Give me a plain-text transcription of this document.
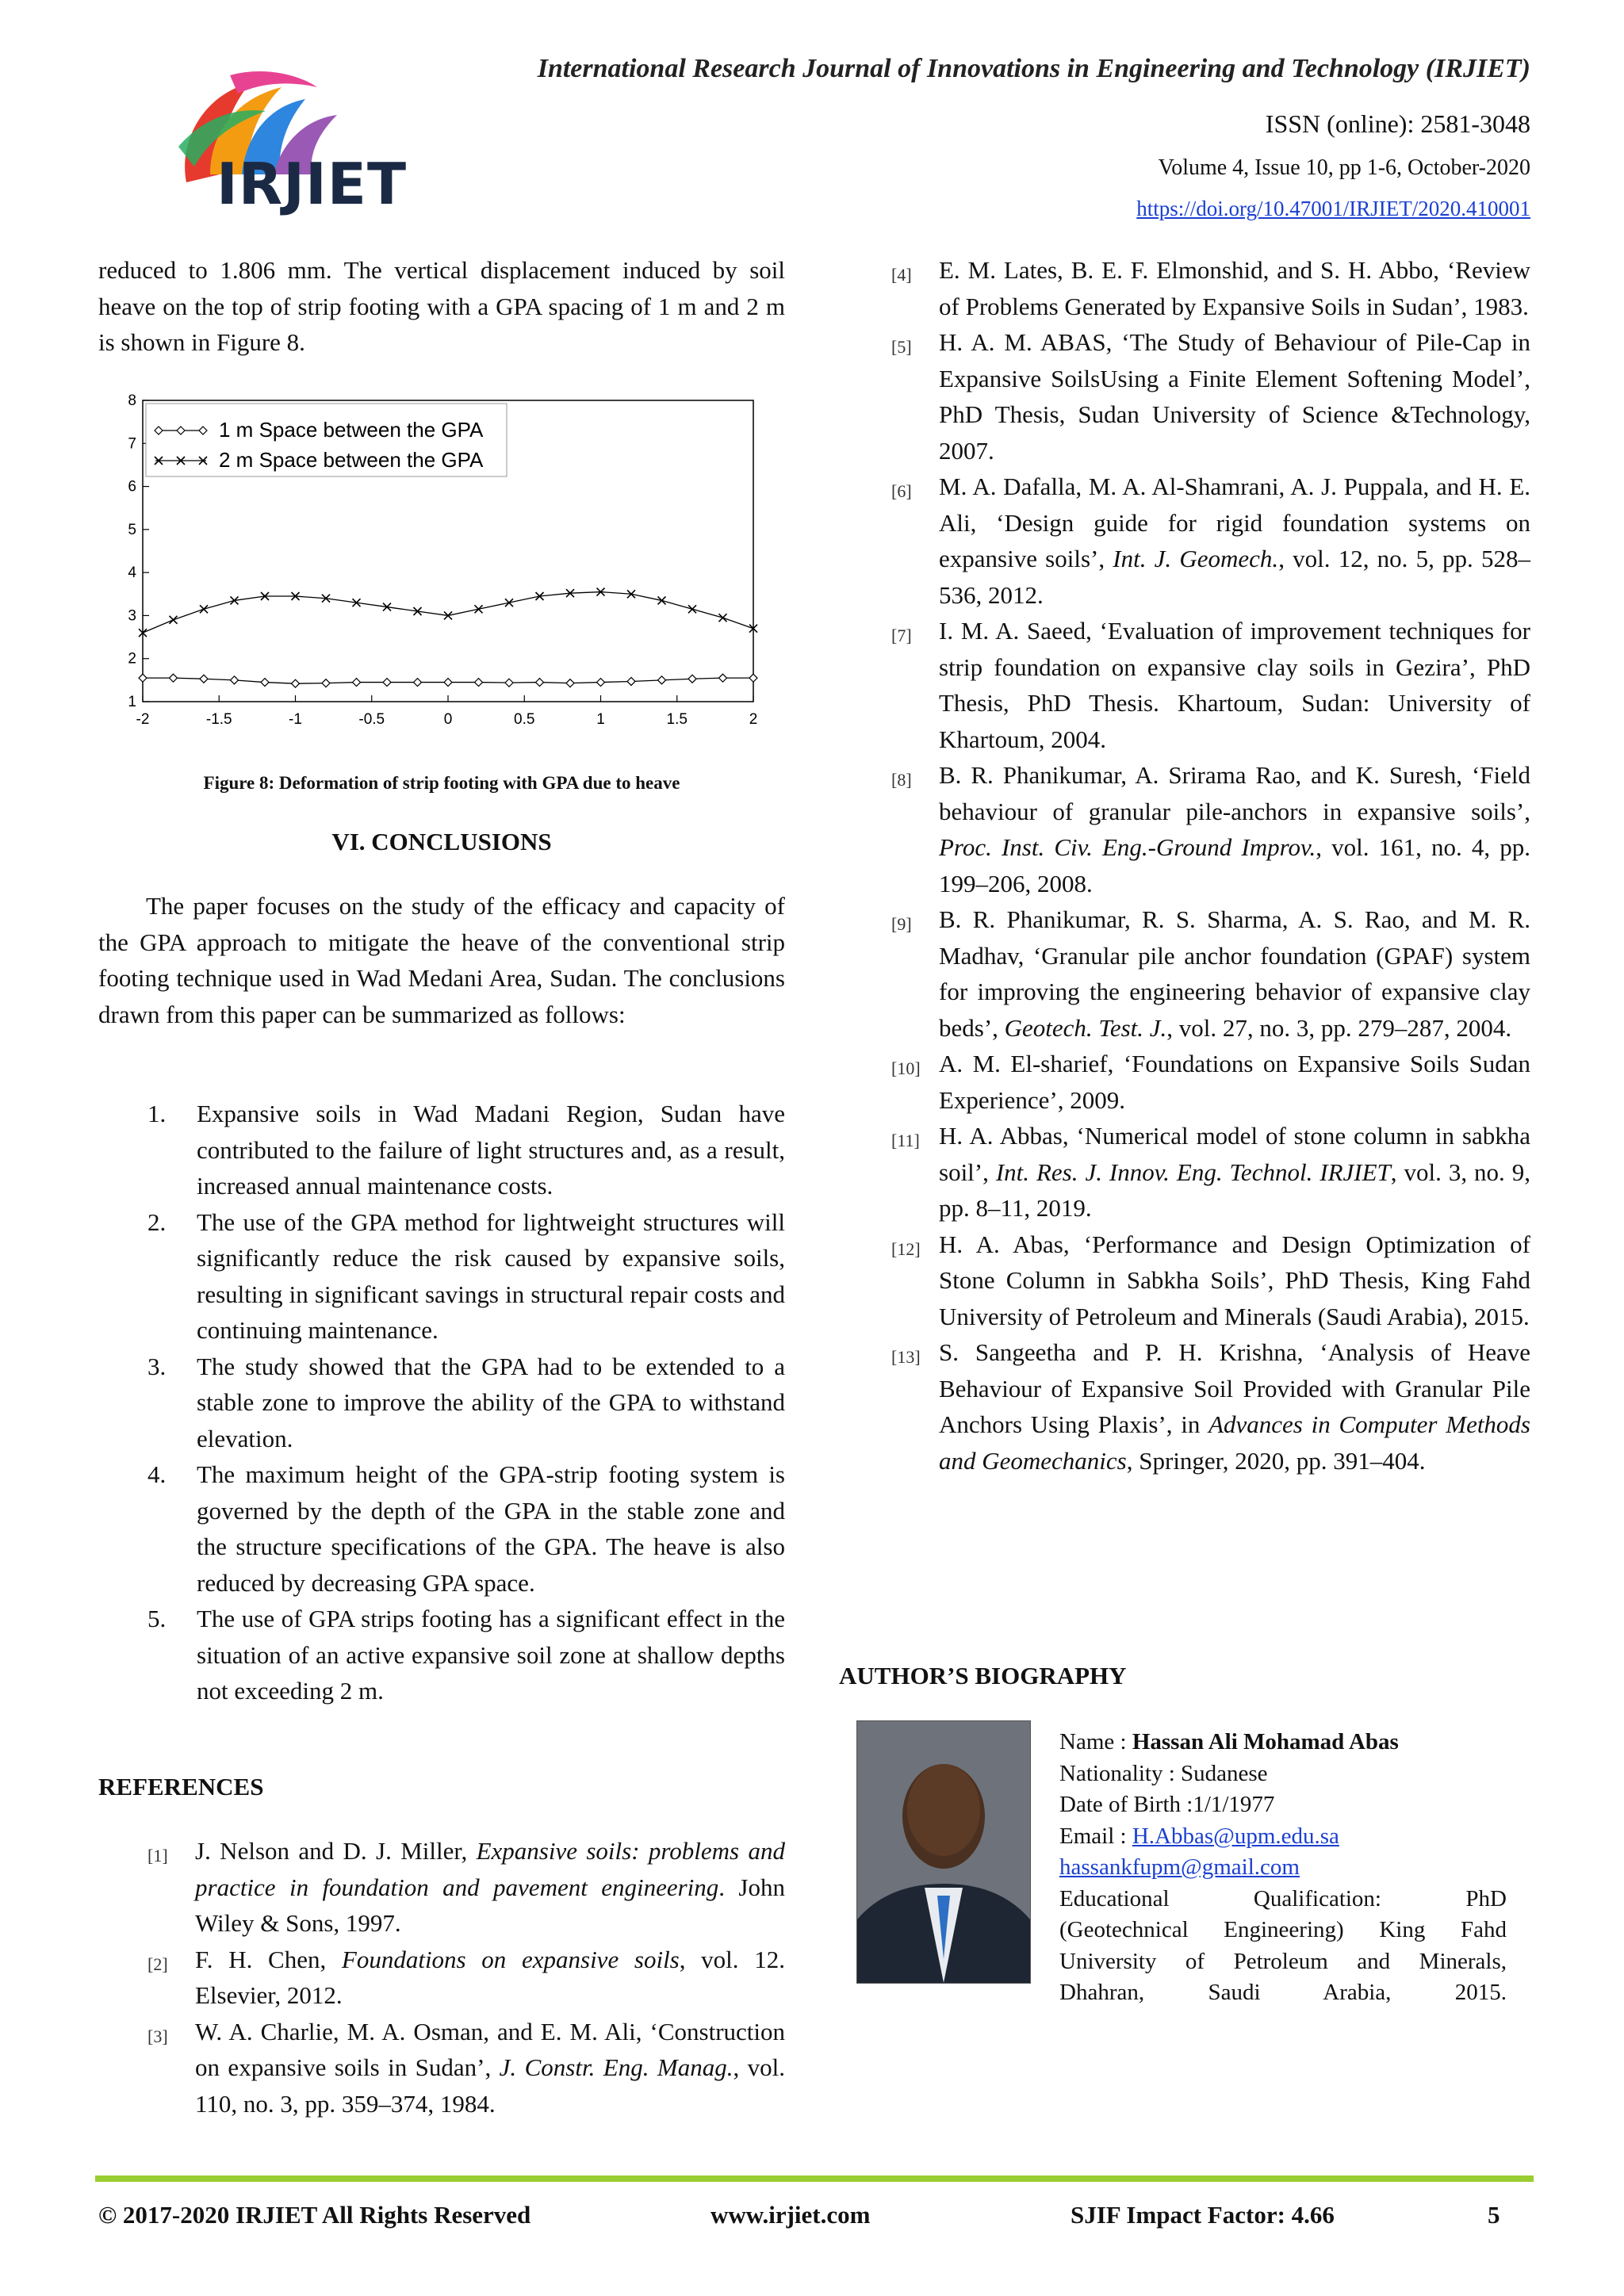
IRJIET
International Research Journal of Innovations in Engineering and Technology (IRJIET)
ISSN (online): 2581-3048
Volume 4, Issue 10, pp 1-6, October-2020
https://doi.org/10.47001/IRJIET/2020.410001
reduced to 1.806 mm. The vertical displacement induced by soil heave on the top of strip footing with a GPA spacing of 1 m and 2 m is shown in Figure 8.
-2	-1.5	-1	-0.5	0	0.5	1	1.5	2
1
2
3
4
5
6
7
8
1 m Space between the GPA
2 m Space between the GPA
Figure 8: Deformation of strip footing with GPA due to heave
VI. CONCLUSIONS

The paper focuses on the study of the efficacy and capacity of the GPA approach to mitigate the heave of the conventional strip footing technique used in Wad Medani Area, Sudan. The conclusions drawn from this paper can be summarized as follows:

1.	Expansive soils in Wad Madani Region, Sudan have contributed to the failure of light structures and, as a result, increased annual maintenance costs.
2.	The use of the GPA method for lightweight structures will significantly reduce the risk caused by expansive soils, resulting in significant savings in structural repair costs and continuing maintenance.
3.	The study showed that the GPA had to be extended to a stable zone to improve the ability of the GPA to withstand elevation.
4.	The maximum height of the GPA-strip footing system is governed by the depth of the GPA in the stable zone and the structure specifications of the GPA. The heave is also reduced by decreasing GPA space.
5.	The use of GPA strips footing has a significant effect in the situation of an active expansive soil zone at shallow depths not exceeding 2 m.
REFERENCES
[1]	J. Nelson and D. J. Miller, Expansive soils: problems and practice in foundation and pavement engineering. John Wiley & Sons, 1997.
[2]	F. H. Chen, Foundations on expansive soils, vol. 12. Elsevier, 2012.
[3]	W. A. Charlie, M. A. Osman, and E. M. Ali, ‘Construction on expansive soils in Sudan’, J. Constr. Eng. Manag., vol. 110, no. 3, pp. 359–374, 1984.
[4]	E. M. Lates, B. E. F. Elmonshid, and S. H. Abbo, ‘Review of Problems Generated by Expansive Soils in Sudan’, 1983.
[5]	H. A. M. ABAS, ‘The Study of Behaviour of Pile-Cap in Expansive SoilsUsing a Finite Element Softening Model’, PhD Thesis, Sudan University of Science &Technology, 2007.
[6]	M. A. Dafalla, M. A. Al-Shamrani, A. J. Puppala, and H. E. Ali, ‘Design guide for rigid foundation systems on expansive soils’, Int. J. Geomech., vol. 12, no. 5, pp. 528–536, 2012.
[7]	I. M. A. Saeed, ‘Evaluation of improvement techniques for strip foundation on expansive clay soils in Gezira’, PhD Thesis, PhD Thesis. Khartoum, Sudan: University of Khartoum, 2004.
[8]	B. R. Phanikumar, A. Srirama Rao, and K. Suresh, ‘Field behaviour of granular pile-anchors in expansive soils’, Proc. Inst. Civ. Eng.-Ground Improv., vol. 161, no. 4, pp. 199–206, 2008.
[9]	B. R. Phanikumar, R. S. Sharma, A. S. Rao, and M. R. Madhav, ‘Granular pile anchor foundation (GPAF) system for improving the engineering behavior of expansive clay beds’, Geotech. Test. J., vol. 27, no. 3, pp. 279–287, 2004.
[10] A. M. El-sharief, ‘Foundations on Expansive Soils Sudan Experience’, 2009.
[11] H. A. Abbas, ‘Numerical model of stone column in sabkha soil’, Int. Res. J. Innov. Eng. Technol. IRJIET, vol. 3, no. 9, pp. 8–11, 2019.
[12] H. A. Abas, ‘Performance and Design Optimization of Stone Column in Sabkha Soils’, PhD Thesis, King Fahd University of Petroleum and Minerals (Saudi Arabia), 2015.
[13] S. Sangeetha and P. H. Krishna, ‘Analysis of Heave Behaviour of Expansive Soil Provided with Granular Pile Anchors Using Plaxis’, in Advances in Computer Methods and Geomechanics, Springer, 2020, pp. 391–404.
AUTHOR’S BIOGRAPHY
Name : Hassan Ali Mohamad Abas
Nationality : Sudanese
Date of Birth :1/1/1977
Email : H.Abbas@upm.edu.sa
hassankfupm@gmail.com
Educational Qualification: PhD
(Geotechnical Engineering) King Fahd
University of Petroleum and Minerals,
Dhahran, Saudi Arabia, 2015.
© 2017-2020 IRJIET All Rights Reserved	www.irjiet.com	SJIF Impact Factor: 4.66	5
